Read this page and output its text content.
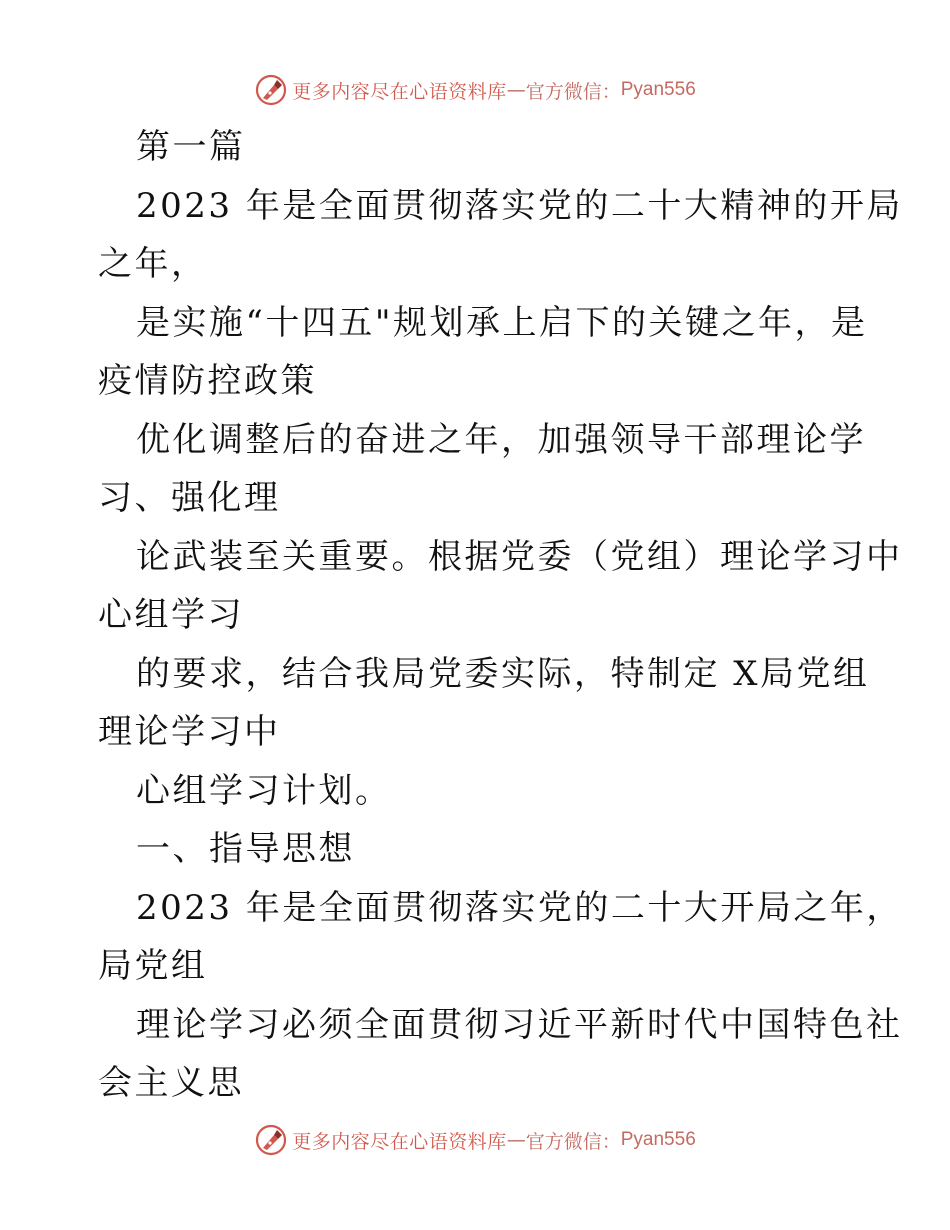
更多内容尽在心语资料库 — 官方微信： Pyan556
第一篇
2023 年是全面贯彻落实党的二十大精神的开局
之年，
是实施“十四五"规划承上启下的关键之年，是
疫情防控政策
优化调整后的奋进之年，加强领导干部理论学
习、强化理
论武装至关重要。根据党委（党组）理论学习中
心组学习
的要求，结合我局党委实际，特制定 X局党组
理论学习中
心组学习计划。
一、指导思想
2023 年是全面贯彻落实党的二十大开局之年，
局党组
理论学习必须全面贯彻习近平新时代中国特色社
会主义思
更多内容尽在心语资料库 — 官方微信： Pyan556
